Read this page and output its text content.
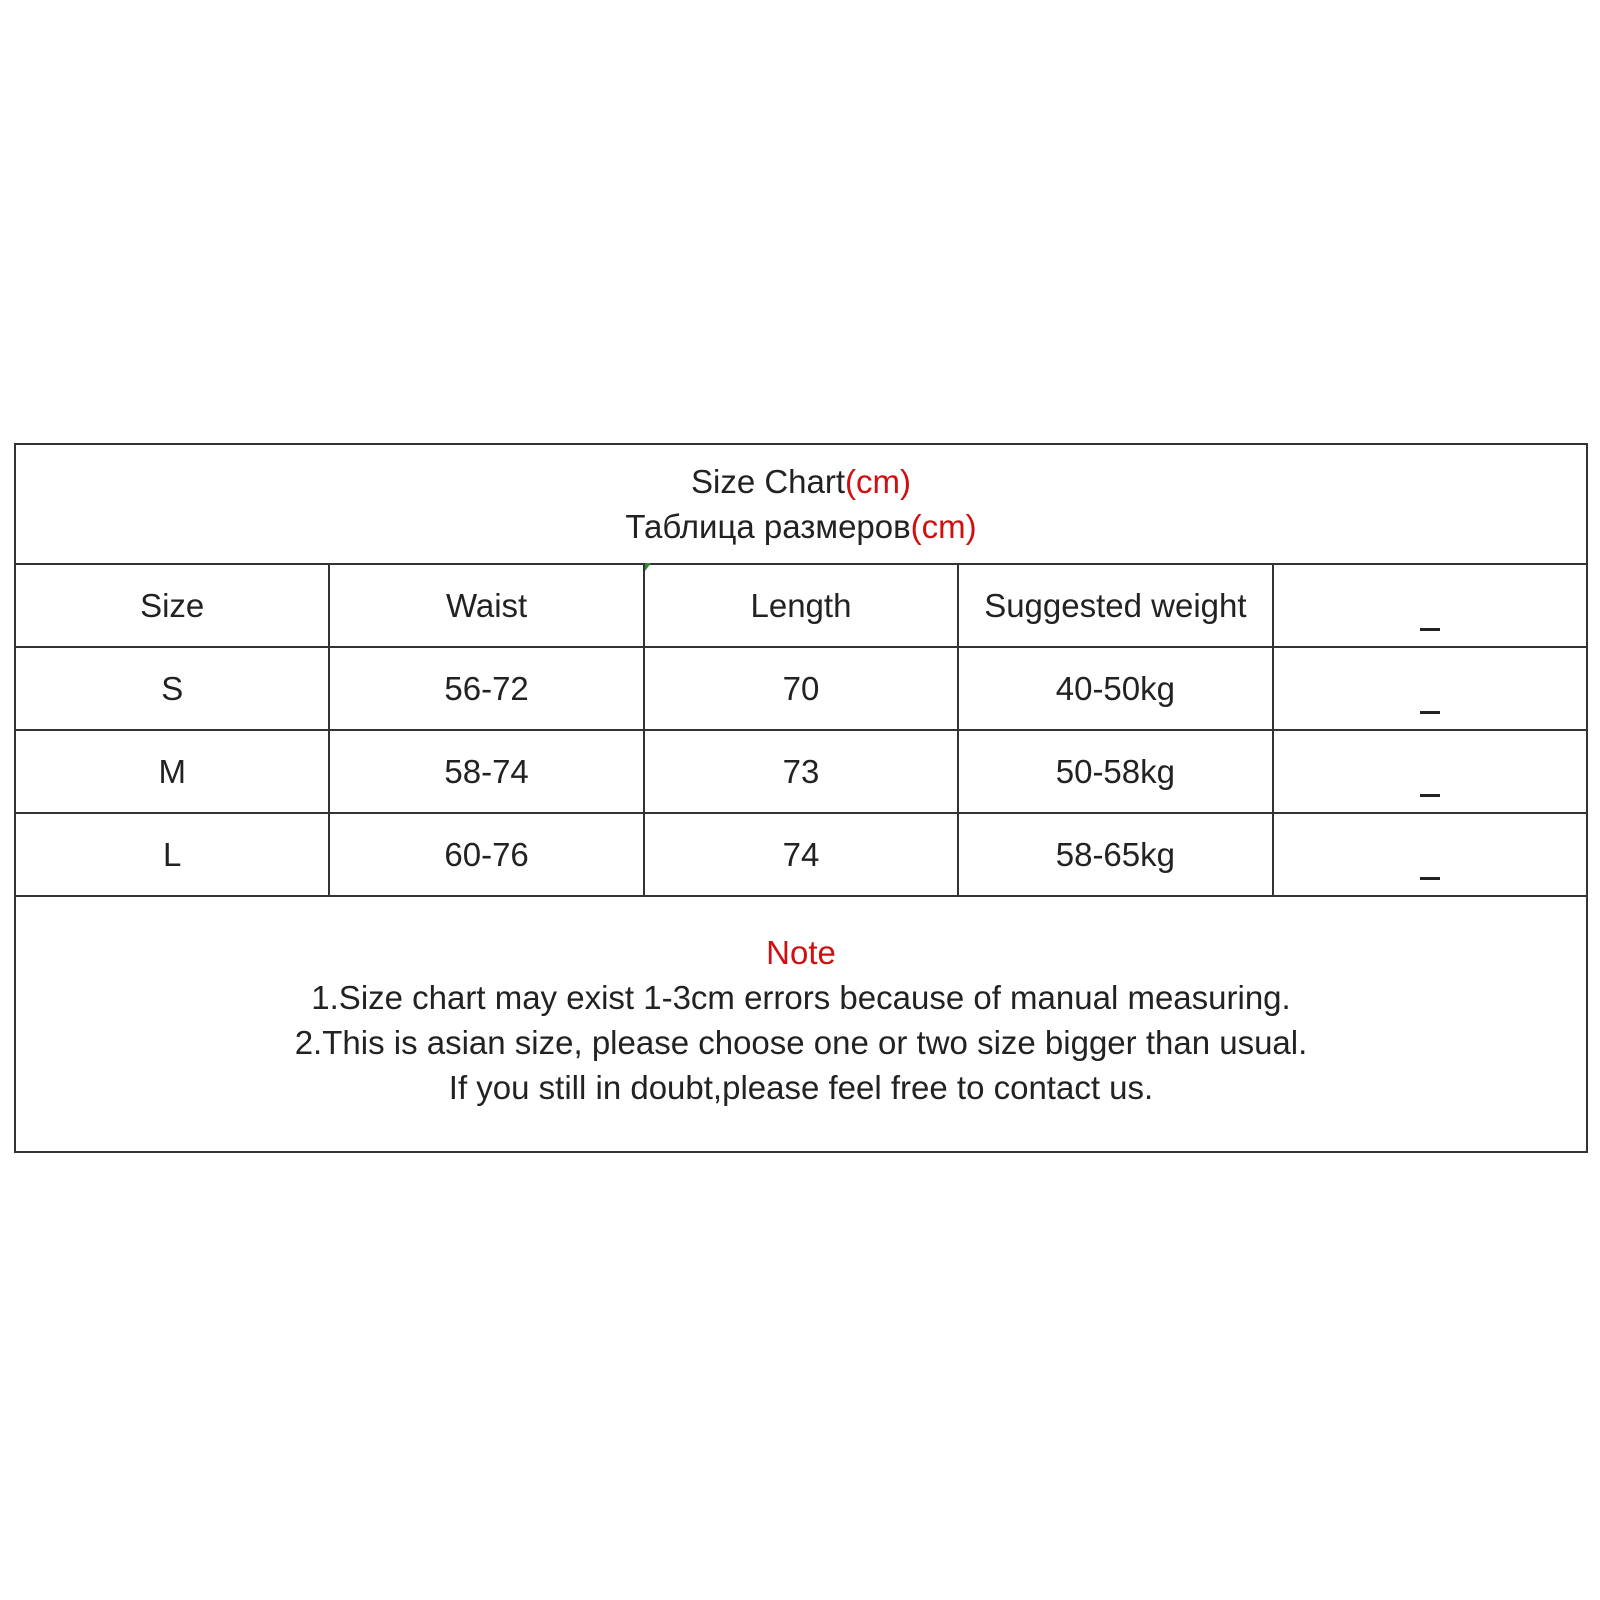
Size Chart(cm)
Таблица размеров(cm)
Size	Waist	Length	Suggested weight	
S	56-72	70	40-50kg	
M	58-74	73	50-58kg	
L	60-76	74	58-65kg	
Note
1.Size chart may exist 1-3cm errors because of manual measuring.
2.This is asian size, please choose one or two size bigger than usual.
If you still in doubt,please feel free to contact us.
